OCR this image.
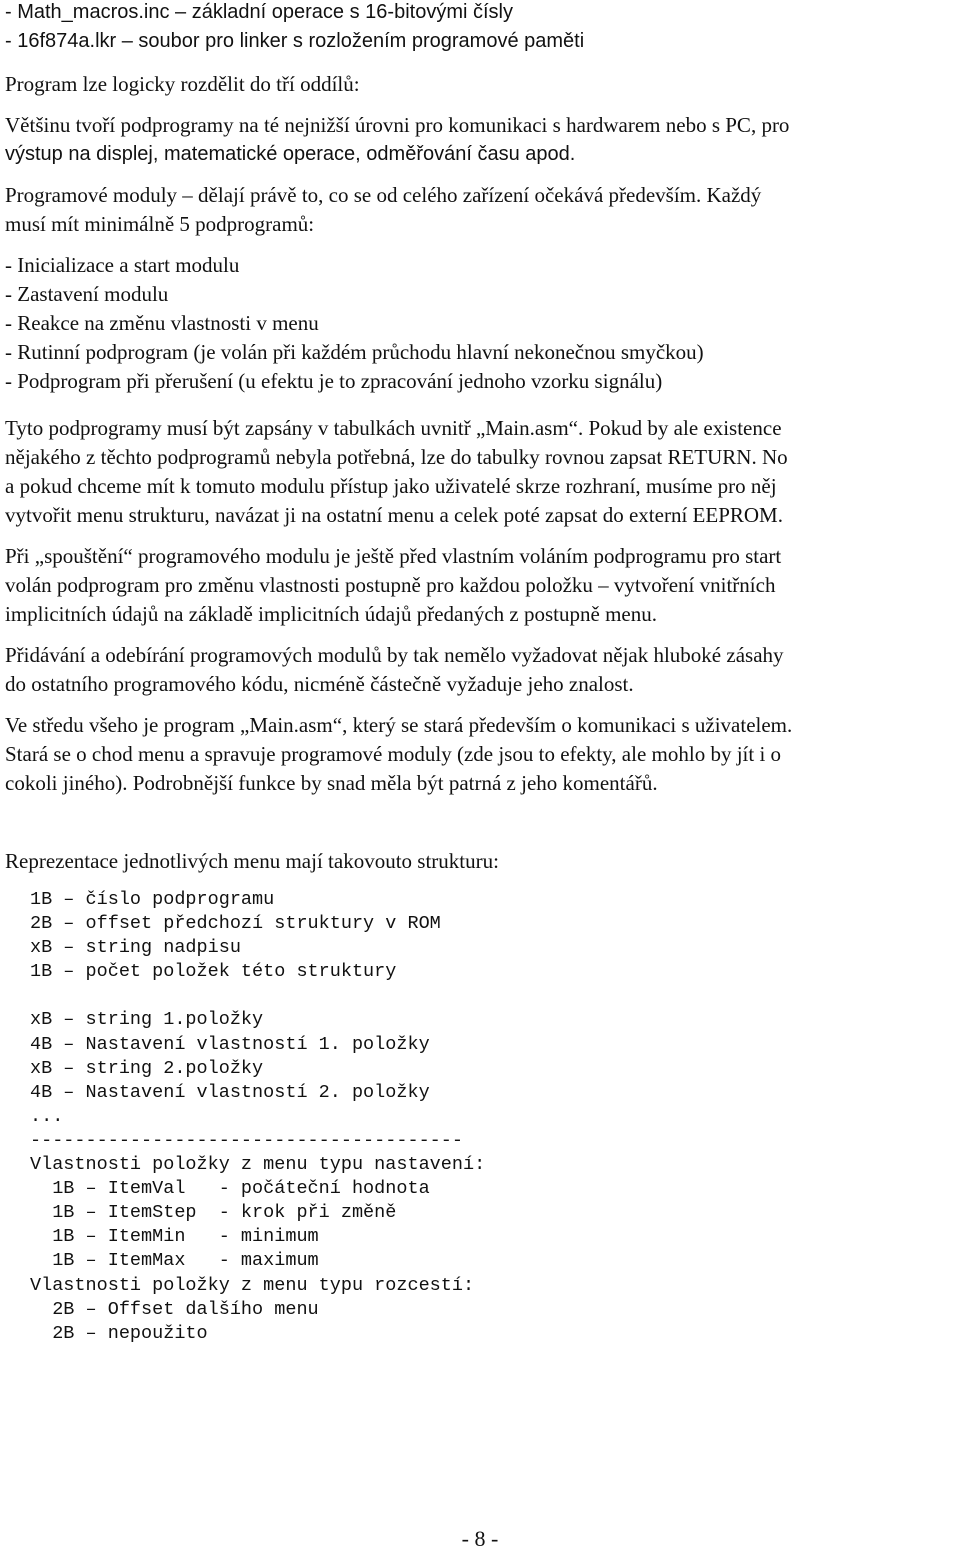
- Math_macros.inc – základní operace s 16-bitovými čísly
- 16f874a.lkr – soubor pro linker s rozložením programové paměti
Program lze logicky rozdělit do tří oddílů:
Většinu tvoří podprogramy na té nejnižší úrovni pro komunikaci s hardwarem nebo s PC, pro
výstup na displej, matematické operace, odměřování času apod.
Programové moduly – dělají právě to, co se od celého zařízení očekává především. Každý
musí mít minimálně 5 podprogramů:
- Inicializace a start modulu
- Zastavení modulu
- Reakce na změnu vlastnosti v menu
- Rutinní podprogram (je volán při každém průchodu hlavní nekonečnou smyčkou)
- Podprogram při přerušení (u efektu je to zpracování jednoho vzorku signálu)
Tyto podprogramy musí být zapsány v tabulkách uvnitř „Main.asm“. Pokud by ale existence
nějakého z těchto podprogramů nebyla potřebná, lze do tabulky rovnou zapsat RETURN. No
a pokud chceme mít k tomuto modulu přístup jako uživatelé skrze rozhraní, musíme pro něj
vytvořit menu strukturu, navázat ji na ostatní menu a celek poté zapsat do externí EEPROM.
Při „spouštění“ programového modulu je ještě před vlastním voláním podprogramu pro start
volán podprogram pro změnu vlastnosti postupně pro každou položku – vytvoření vnitřních
implicitních údajů na základě implicitních údajů předaných z postupně menu.
Přidávání a odebírání programových modulů by tak nemělo vyžadovat nějak hluboké zásahy
do ostatního programového kódu, nicméně částečně vyžaduje jeho znalost.
Ve středu všeho je program „Main.asm“, který se stará především o komunikaci s uživatelem.
Stará se o chod menu a spravuje programové moduly (zde jsou to efekty, ale mohlo by jít i o
cokoli jiného). Podrobnější funkce by snad měla být patrná z jeho komentářů.
Reprezentace jednotlivých menu mají takovouto strukturu:
1B – číslo podprogramu
2B – offset předchozí struktury v ROM
xB – string nadpisu
1B – počet položek této struktury
xB – string 1.položky
4B – Nastavení vlastností 1. položky
xB – string 2.položky
4B – Nastavení vlastností 2. položky
...
---------------------------------------
Vlastnosti položky z menu typu nastavení:
1B – ItemVal   - počáteční hodnota
1B – ItemStep  - krok při změně
1B – ItemMin   - minimum
1B – ItemMax   - maximum
Vlastnosti položky z menu typu rozcestí:
2B – Offset dalšího menu
2B – nepoužito
- 8 -
